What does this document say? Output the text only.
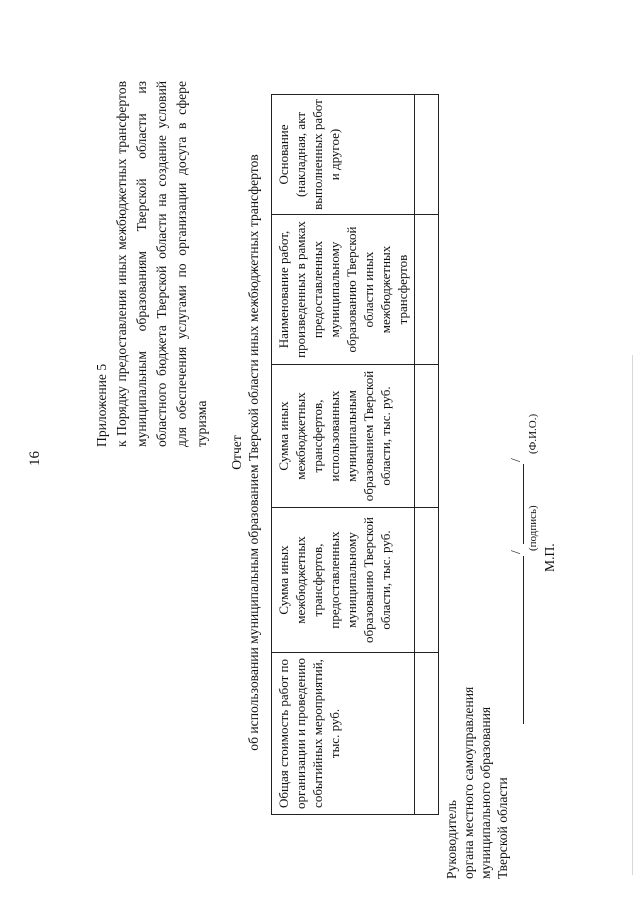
16
Приложение 5 к Порядку предоставления иных межбюджетных трансфертов муниципальным образованиям Тверской области из областного бюджета Тверской области на создание условий для обеспечения услугами по организации досуга в сфере туризма
Отчет об использовании муниципальным образованием Тверской области иных межбюджетных трансфертов Общая стоимость работ по организации и проведению событийных мероприятий, тыс. руб.	Сумма иных межбюджетных трансфертов, предоставленных муниципальному образованию Тверской области, тыс. руб.	Сумма иных межбюджетных трансфертов, использованных муниципальным образованием Тверской области, тыс. руб.	Наименование работ, произведенных в рамках предоставленных муниципальному образованию Тверской области иных межбюджетных трансфертов	Основание (накладная, акт выполненных работ и другое)

Руководитель органа местного самоуправления муниципального образования Тверской области
/
/
(подпись)
(Ф.И.О.)
М.П.
